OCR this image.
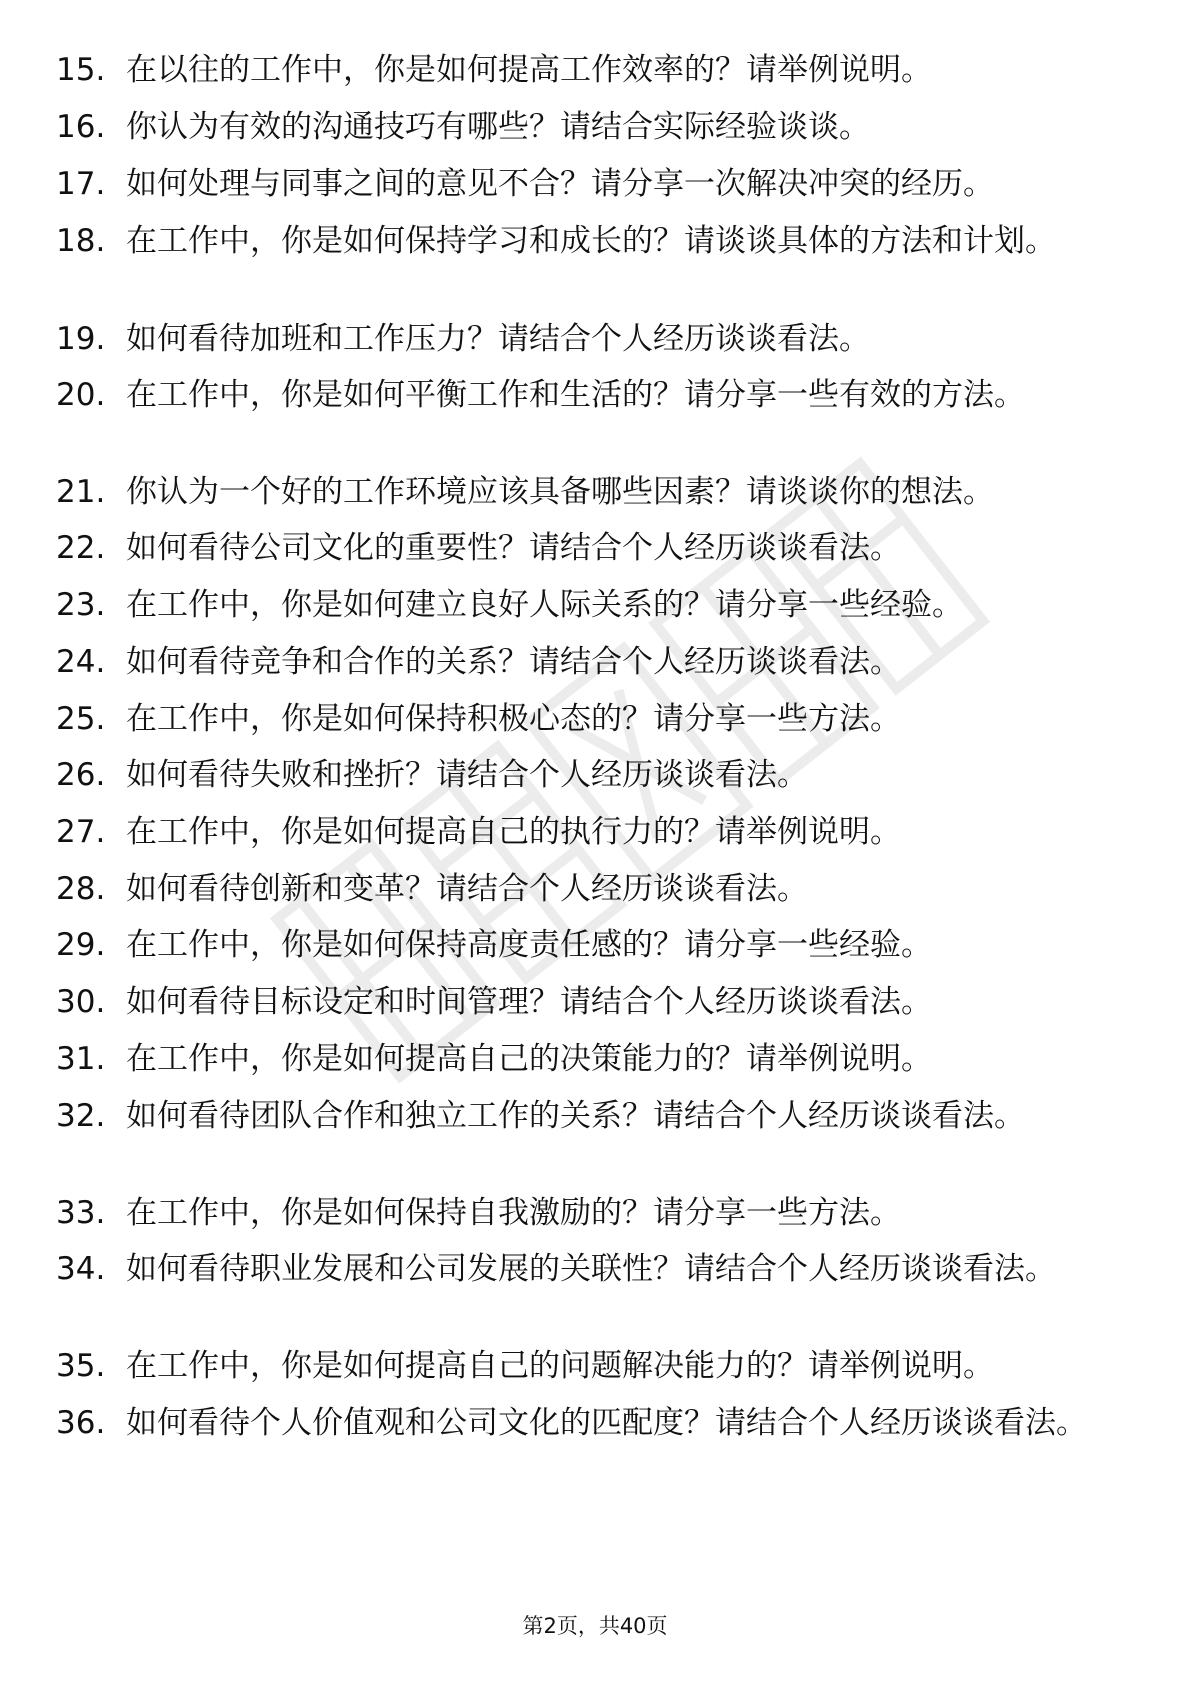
15. 在以往的工作中，你是如何提高工作效率的？请举例说明。
16. 你认为有效的沟通技巧有哪些？请结合实际经验谈谈。
17. 如何处理与同事之间的意见不合？请分享一次解决冲突的经历。
18. 在工作中，你是如何保持学习和成长的？请谈谈具体的方法和计划。
19. 如何看待加班和工作压力？请结合个人经历谈谈看法。
20. 在工作中，你是如何平衡工作和生活的？请分享一些有效的方法。
21. 你认为一个好的工作环境应该具备哪些因素？请谈谈你的想法。
22. 如何看待公司文化的重要性？请结合个人经历谈谈看法。
23. 在工作中，你是如何建立良好人际关系的？请分享一些经验。
24. 如何看待竞争和合作的关系？请结合个人经历谈谈看法。
25. 在工作中，你是如何保持积极心态的？请分享一些方法。
26. 如何看待失败和挫折？请结合个人经历谈谈看法。
27. 在工作中，你是如何提高自己的执行力的？请举例说明。
28. 如何看待创新和变革？请结合个人经历谈谈看法。
29. 在工作中，你是如何保持高度责任感的？请分享一些经验。
30. 如何看待目标设定和时间管理？请结合个人经历谈谈看法。
31. 在工作中，你是如何提高自己的决策能力的？请举例说明。
32. 如何看待团队合作和独立工作的关系？请结合个人经历谈谈看法。
33. 在工作中，你是如何保持自我激励的？请分享一些方法。
34. 如何看待职业发展和公司发展的关联性？请结合个人经历谈谈看法。
35. 在工作中，你是如何提高自己的问题解决能力的？请举例说明。
36. 如何看待个人价值观和公司文化的匹配度？请结合个人经历谈谈看法。
第2页，共40页
